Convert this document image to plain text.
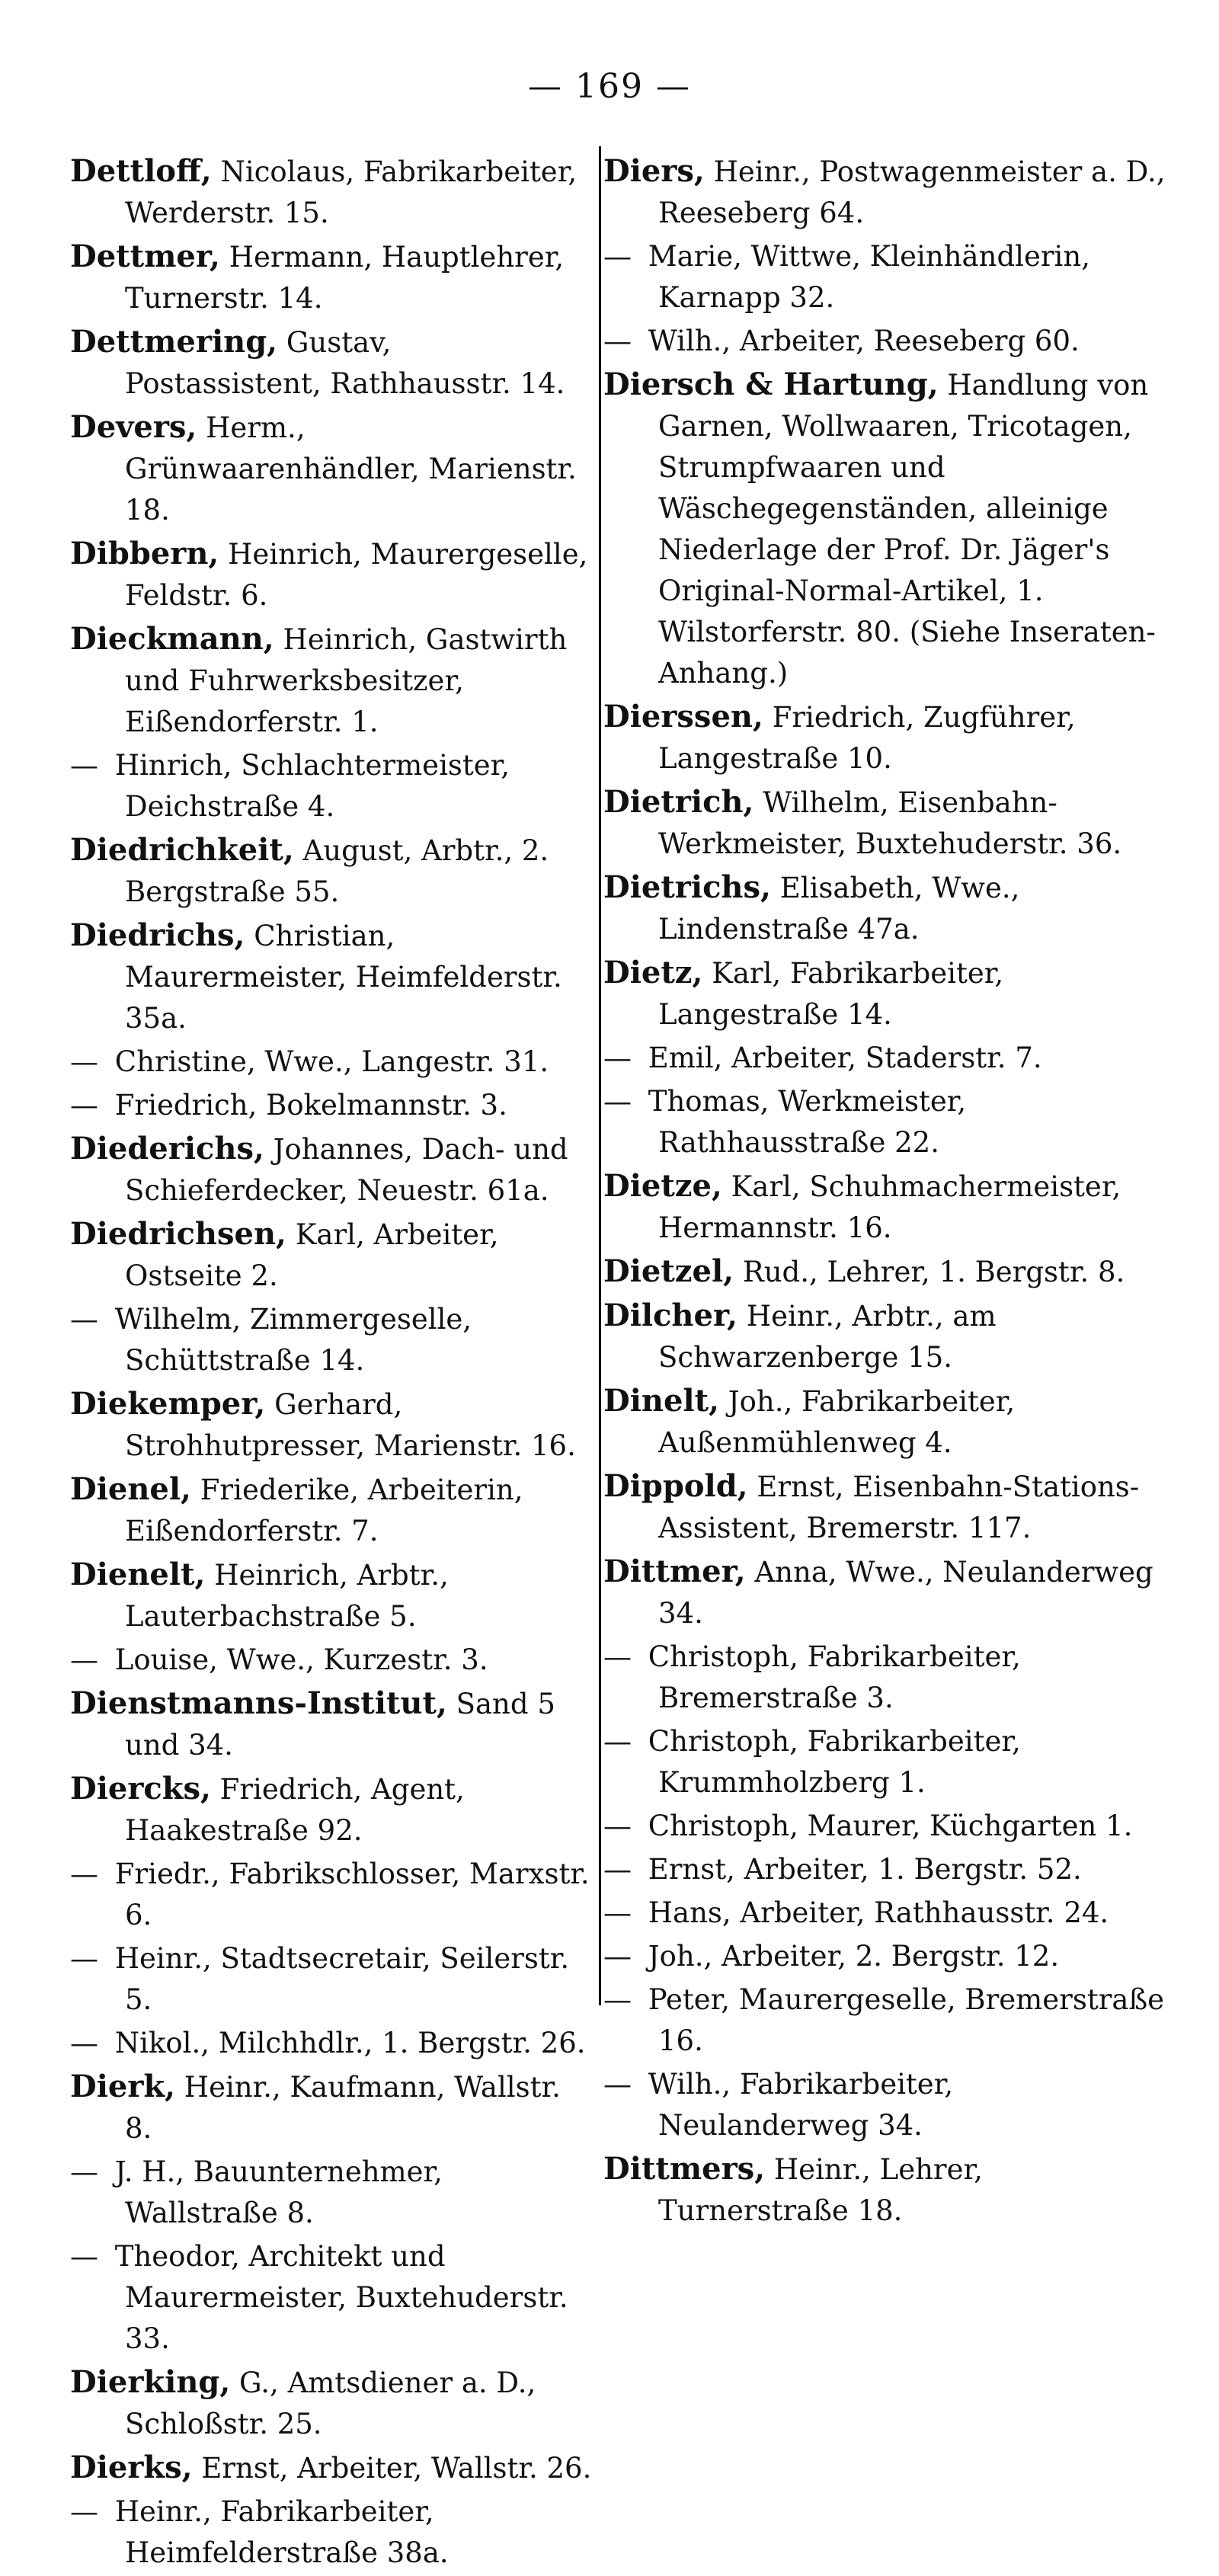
— 169 —
Dettloff, Nicolaus, Fabrikarbeiter, Werderstr. 15.
Dettmer, Hermann, Hauptlehrer, Turnerstr. 14.
Dettmering, Gustav, Postassistent, Rathhausstr. 14.
Devers, Herm., Grünwaarenhändler, Marienstr. 18.
Dibbern, Heinrich, Maurergeselle, Feldstr. 6.
Dieckmann, Heinrich, Gastwirth und Fuhrwerksbesitzer, Eißendorferstr. 1.
— Hinrich, Schlachtermeister, Deichstraße 4.
Diedrichkeit, August, Arbtr., 2. Bergstraße 55.
Diedrichs, Christian, Maurermeister, Heimfelderstr. 35a.
— Christine, Wwe., Langestr. 31.
— Friedrich, Bokelmannstr. 3.
Diederichs, Johannes, Dach- und Schieferdecker, Neuestr. 61a.
Diedrichsen, Karl, Arbeiter, Ostseite 2.
— Wilhelm, Zimmergeselle, Schüttstraße 14.
Diekemper, Gerhard, Strohhutpresser, Marienstr. 16.
Dienel, Friederike, Arbeiterin, Eißendorferstr. 7.
Dienelt, Heinrich, Arbtr., Lauterbachstraße 5.
— Louise, Wwe., Kurzestr. 3.
Dienstmanns-Institut, Sand 5 und 34.
Diercks, Friedrich, Agent, Haakestraße 92.
— Friedr., Fabrikschlosser, Marxstr. 6.
— Heinr., Stadtsecretair, Seilerstr. 5.
— Nikol., Milchhdlr., 1. Bergstr. 26.
Dierk, Heinr., Kaufmann, Wallstr. 8.
— J. H., Bauunternehmer, Wallstraße 8.
— Theodor, Architekt und Maurermeister, Buxtehuderstr. 33.
Dierking, G., Amtsdiener a. D., Schloßstr. 25.
Dierks, Ernst, Arbeiter, Wallstr. 26.
— Heinr., Fabrikarbeiter, Heimfelderstraße 38a.
Diers, Heinr., Postwagenmeister a. D., Reeseberg 64.
— Marie, Wittwe, Kleinhändlerin, Karnapp 32.
— Wilh., Arbeiter, Reeseberg 60.
Diersch & Hartung, Handlung von Garnen, Wollwaaren, Tricotagen, Strumpfwaaren und Wäschegegenständen, alleinige Niederlage der Prof. Dr. Jäger's Original-Normal-Artikel, 1. Wilstorferstr. 80. (Siehe Inseraten-Anhang.)
Dierssen, Friedrich, Zugführer, Langestraße 10.
Dietrich, Wilhelm, Eisenbahn-Werkmeister, Buxtehuderstr. 36.
Dietrichs, Elisabeth, Wwe., Lindenstraße 47a.
Dietz, Karl, Fabrikarbeiter, Langestraße 14.
— Emil, Arbeiter, Staderstr. 7.
— Thomas, Werkmeister, Rathhausstraße 22.
Dietze, Karl, Schuhmachermeister, Hermannstr. 16.
Dietzel, Rud., Lehrer, 1. Bergstr. 8.
Dilcher, Heinr., Arbtr., am Schwarzenberge 15.
Dinelt, Joh., Fabrikarbeiter, Außenmühlenweg 4.
Dippold, Ernst, Eisenbahn-Stations-Assistent, Bremerstr. 117.
Dittmer, Anna, Wwe., Neulanderweg 34.
— Christoph, Fabrikarbeiter, Bremerstraße 3.
— Christoph, Fabrikarbeiter, Krummholzberg 1.
— Christoph, Maurer, Küchgarten 1.
— Ernst, Arbeiter, 1. Bergstr. 52.
— Hans, Arbeiter, Rathhausstr. 24.
— Joh., Arbeiter, 2. Bergstr. 12.
— Peter, Maurergeselle, Bremerstraße 16.
— Wilh., Fabrikarbeiter, Neulanderweg 34.
Dittmers, Heinr., Lehrer, Turnerstraße 18.
